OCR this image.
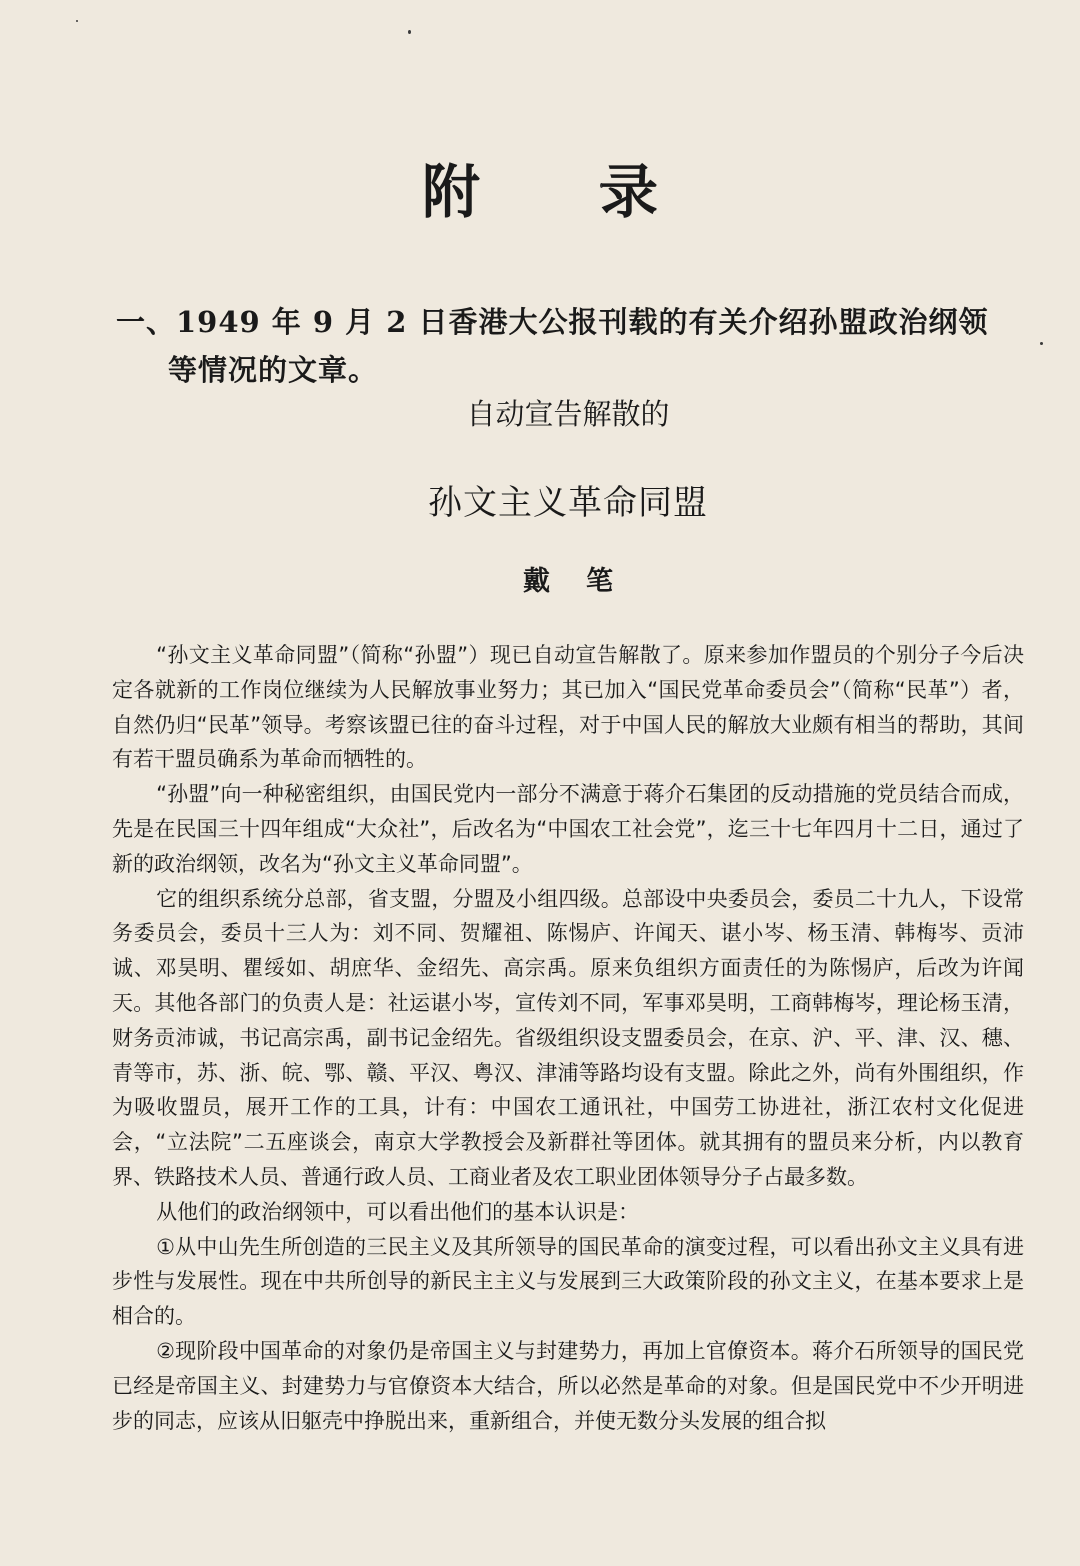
附录
一、1949 年 9 月 2 日香港大公报刊载的有关介绍孙盟政治纲领
等情况的文章。
自动宣告解散的
孙文主义革命同盟
戴笔

“孙文主义革命同盟”（简称“孙盟”）现已自动宣告解散了。原来参加作盟员的个别分子今后决定各就新的工作岗位继续为人民解放事业努力；其已加入“国民党革命委员会”（简称“民革”）者，自然仍归“民革”领导。考察该盟已往的奋斗过程，对于中国人民的解放大业颇有相当的帮助，其间有若干盟员确系为革命而牺牲的。

“孙盟”向一种秘密组织，由国民党内一部分不满意于蒋介石集团的反动措施的党员结合而成，先是在民国三十四年组成“大众社”，后改名为“中国农工社会党”，迄三十七年四月十二日，通过了新的政治纲领，改名为“孙文主义革命同盟”。

它的组织系统分总部，省支盟，分盟及小组四级。总部设中央委员会，委员二十九人，下设常务委员会，委员十三人为：刘不同、贺耀祖、陈惕庐、许闻天、谌小岑、杨玉清、韩梅岑、贡沛诚、邓昊明、瞿绥如、胡庶华、金绍先、高宗禹。原来负组织方面责任的为陈惕庐，后改为许闻天。其他各部门的负责人是：社运谌小岑，宣传刘不同，军事邓昊明，工商韩梅岑，理论杨玉清，财务贡沛诚，书记高宗禹，副书记金绍先。省级组织设支盟委员会，在京、沪、平、津、汉、穗、青等市，苏、浙、皖、鄂、赣、平汉、粤汉、津浦等路均设有支盟。除此之外，尚有外围组织，作为吸收盟员，展开工作的工具，计有：中国农工通讯社，中国劳工协进社，浙江农村文化促进会，“立法院”二五座谈会，南京大学教授会及新群社等团体。就其拥有的盟员来分析，内以教育界、铁路技术人员、普通行政人员、工商业者及农工职业团体领导分子占最多数。

从他们的政治纲领中，可以看出他们的基本认识是：

①从中山先生所创造的三民主义及其所领导的国民革命的演变过程，可以看出孙文主义具有进步性与发展性。现在中共所创导的新民主主义与发展到三大政策阶段的孙文主义，在基本要求上是相合的。

②现阶段中国革命的对象仍是帝国主义与封建势力，再加上官僚资本。蒋介石所领导的国民党已经是帝国主义、封建势力与官僚资本大结合，所以必然是革命的对象。但是国民党中不少开明进步的同志，应该从旧躯壳中挣脱出来，重新组合，并使无数分头发展的组合拟
